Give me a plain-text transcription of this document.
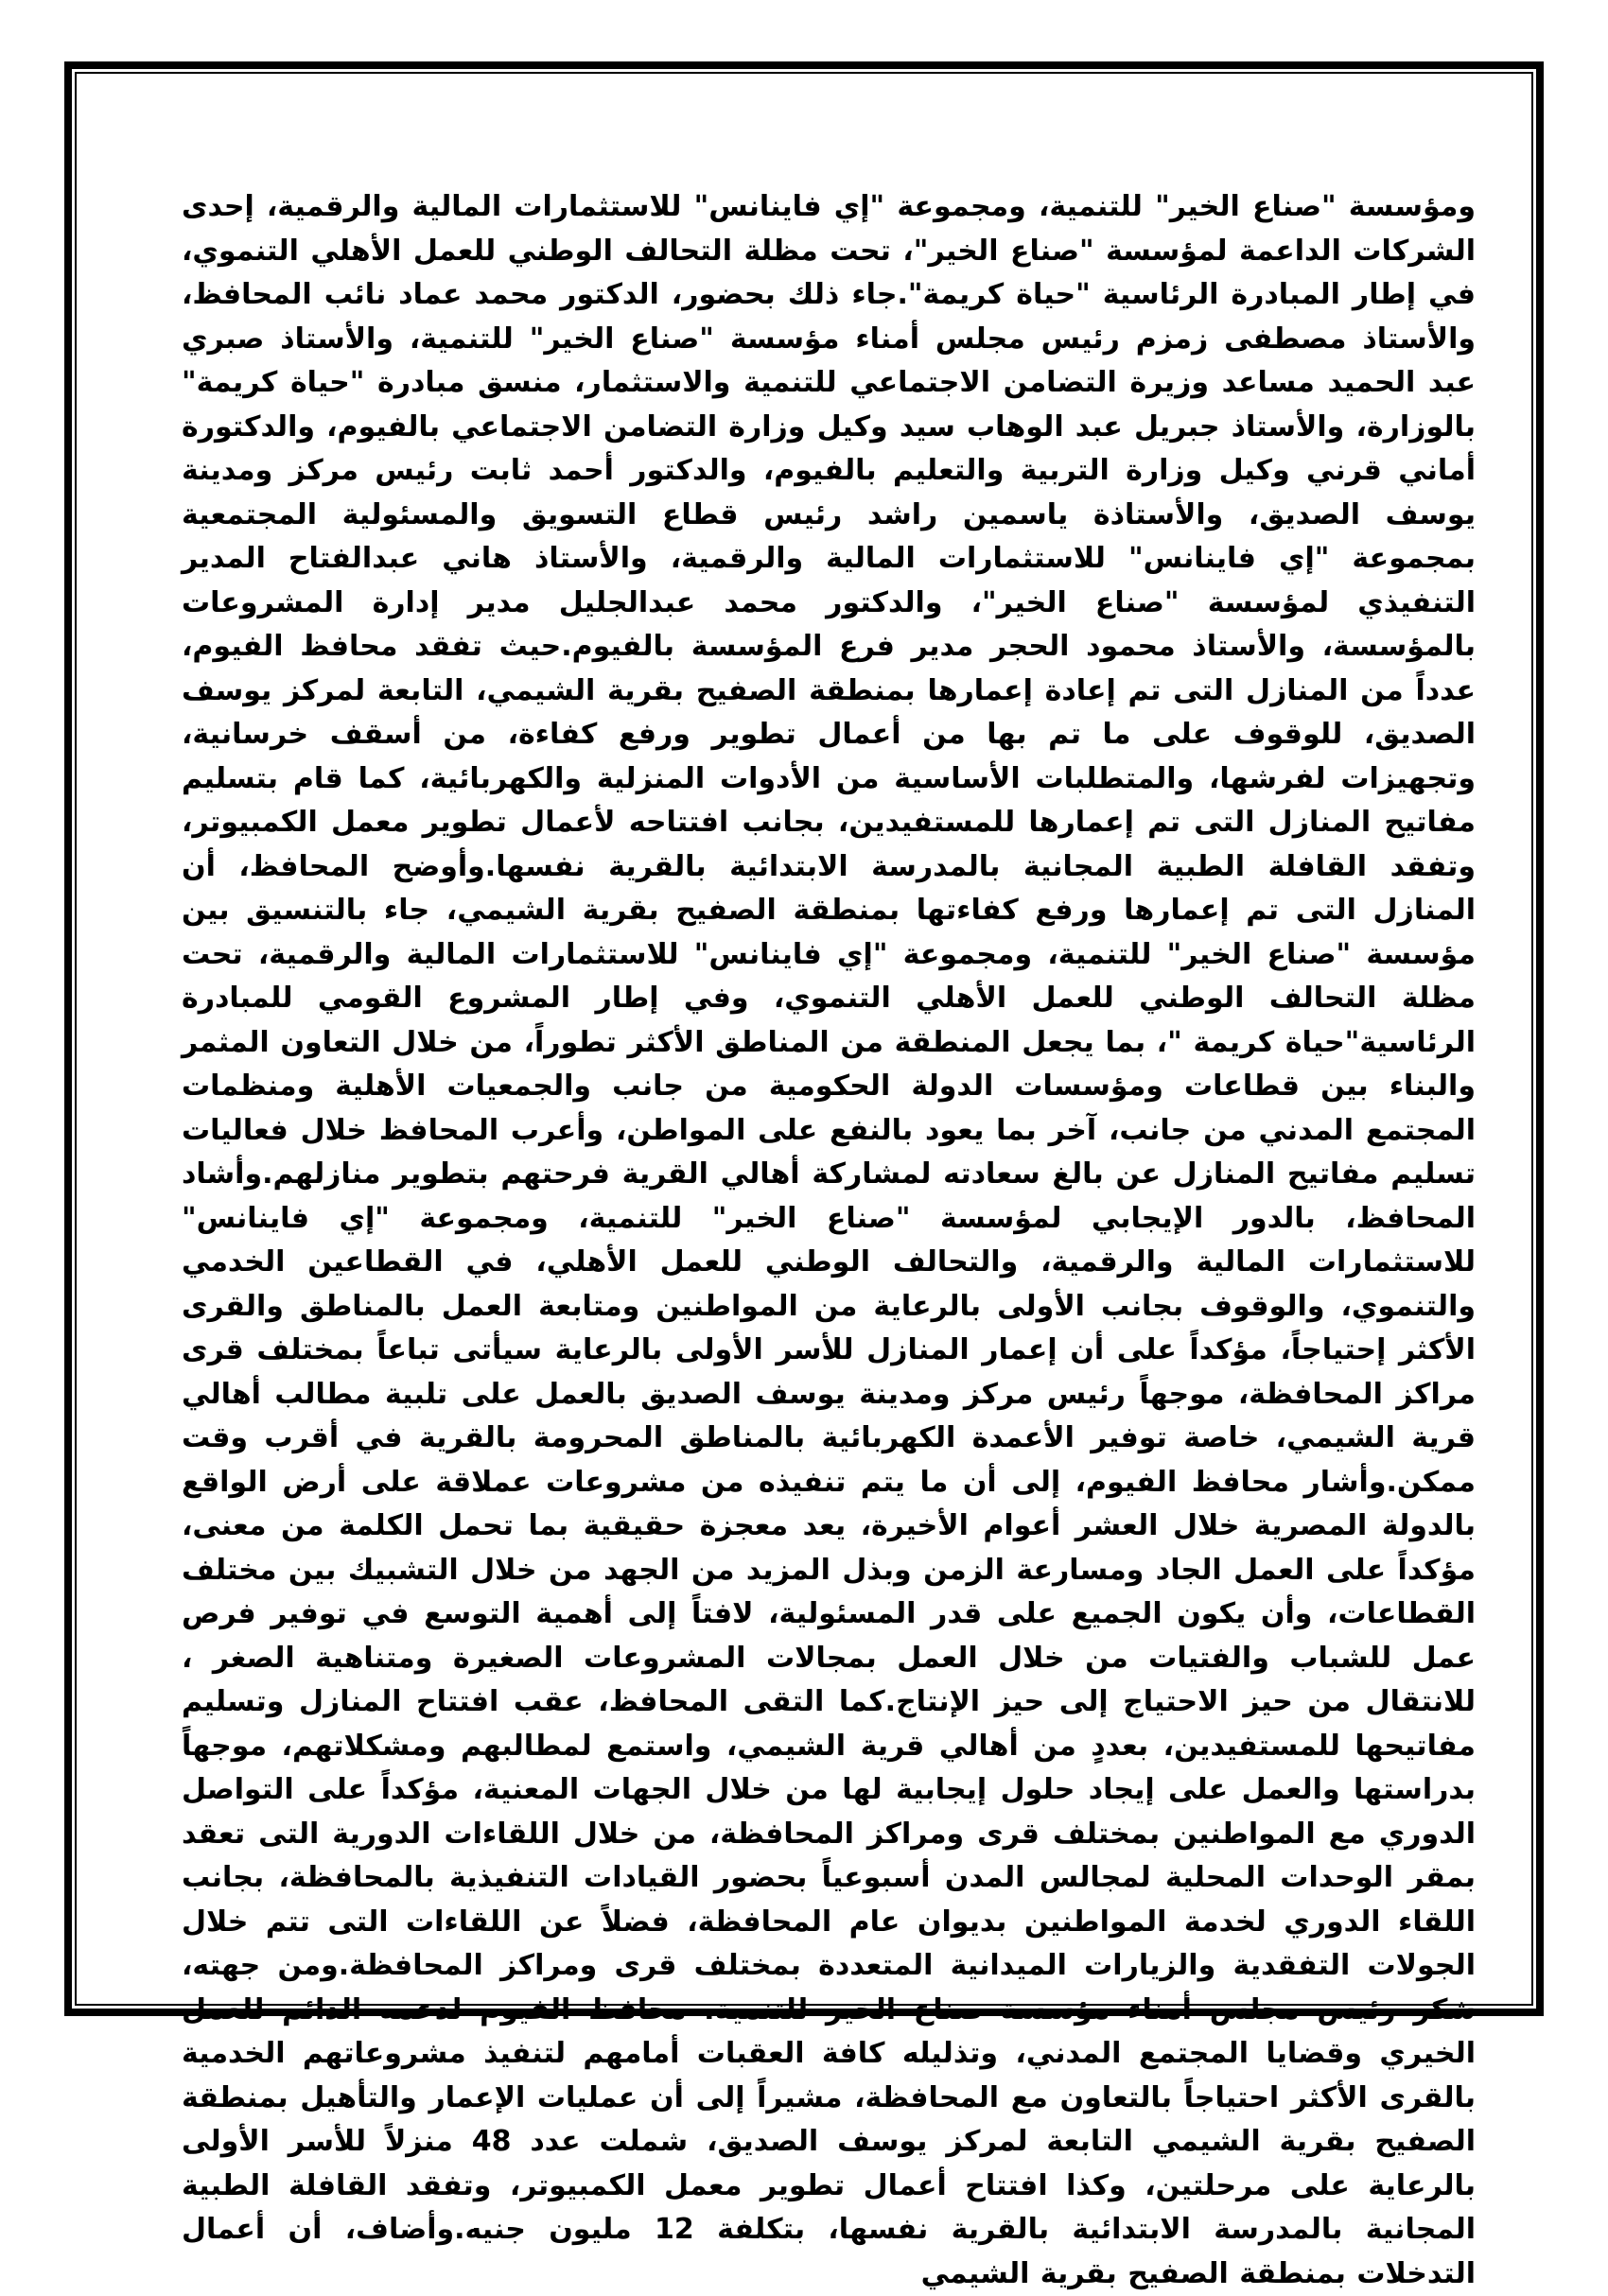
ومؤسسة "صناع الخير" للتنمية، ومجموعة "إي فاينانس" للاستثمارات المالية والرقمية، إحدى الشركات الداعمة لمؤسسة "صناع الخير"، تحت مظلة التحالف الوطني للعمل الأهلي التنموي، في إطار المبادرة الرئاسية "حياة كريمة".جاء ذلك بحضور، الدكتور محمد عماد نائب المحافظ، والأستاذ مصطفى زمزم رئيس مجلس أمناء مؤسسة "صناع الخير" للتنمية، والأستاذ صبري عبد الحميد مساعد وزيرة التضامن الاجتماعي للتنمية والاستثمار، منسق مبادرة "حياة كريمة" بالوزارة، والأستاذ جبريل عبد الوهاب سيد وكيل وزارة التضامن الاجتماعي بالفيوم، والدكتورة أماني قرني وكيل وزارة التربية والتعليم بالفيوم، والدكتور أحمد ثابت رئيس مركز ومدينة يوسف الصديق، والأستاذة ياسمين راشد رئيس قطاع التسويق والمسئولية المجتمعية بمجموعة "إي فاينانس" للاستثمارات المالية والرقمية، والأستاذ هاني عبدالفتاح المدير التنفيذي لمؤسسة "صناع الخير"، والدكتور محمد عبدالجليل مدير إدارة المشروعات بالمؤسسة، والأستاذ محمود الحجر مدير فرع المؤسسة بالفيوم.حيث تفقد محافظ الفيوم، عدداً من المنازل التى تم إعادة إعمارها بمنطقة الصفيح بقرية الشيمي، التابعة لمركز يوسف الصديق، للوقوف على ما تم بها من أعمال تطوير ورفع كفاءة، من أسقف خرسانية، وتجهيزات لفرشها، والمتطلبات الأساسية من الأدوات المنزلية والكهربائية، كما قام بتسليم مفاتيح المنازل التى تم إعمارها للمستفيدين، بجانب افتتاحه لأعمال تطوير معمل الكمبيوتر، وتفقد القافلة الطبية المجانية بالمدرسة الابتدائية بالقرية نفسها.وأوضح المحافظ، أن المنازل التى تم إعمارها ورفع كفاءتها بمنطقة الصفيح بقرية الشيمي، جاء بالتنسيق بين مؤسسة "صناع الخير" للتنمية، ومجموعة "إي فاينانس" للاستثمارات المالية والرقمية، تحت مظلة التحالف الوطني للعمل الأهلي التنموي، وفي إطار المشروع القومي للمبادرة الرئاسية"حياة كريمة "، بما يجعل المنطقة من المناطق الأكثر تطوراً، من خلال التعاون المثمر والبناء بين قطاعات ومؤسسات الدولة الحكومية من جانب والجمعيات الأهلية ومنظمات المجتمع المدني من جانب، آخر بما يعود بالنفع على المواطن، وأعرب المحافظ خلال فعاليات تسليم مفاتيح المنازل عن بالغ سعادته لمشاركة أهالي القرية فرحتهم بتطوير منازلهم.وأشاد المحافظ، بالدور الإيجابي لمؤسسة "صناع الخير" للتنمية، ومجموعة "إي فاينانس" للاستثمارات المالية والرقمية، والتحالف الوطني للعمل الأهلي، في القطاعين الخدمي والتنموي، والوقوف بجانب الأولى بالرعاية من المواطنين ومتابعة العمل بالمناطق والقرى الأكثر إحتياجاً، مؤكداً على أن إعمار المنازل للأسر الأولى بالرعاية سيأتى تباعاً بمختلف قرى مراكز المحافظة، موجهاً رئيس مركز ومدينة يوسف الصديق بالعمل على تلبية مطالب أهالي قرية الشيمي، خاصة توفير الأعمدة الكهربائية بالمناطق المحرومة بالقرية في أقرب وقت ممكن.وأشار محافظ الفيوم، إلى أن ما يتم تنفيذه من مشروعات عملاقة على أرض الواقع بالدولة المصرية خلال العشر أعوام الأخيرة، يعد معجزة حقيقية بما تحمل الكلمة من معنى، مؤكداً على العمل الجاد ومسارعة الزمن وبذل المزيد من الجهد من خلال التشبيك بين مختلف القطاعات، وأن يكون الجميع على قدر المسئولية، لافتاً إلى أهمية التوسع في توفير فرص عمل للشباب والفتيات من خلال العمل بمجالات المشروعات الصغيرة ومتناهية الصغر ، للانتقال من حيز الاحتياج إلى حيز الإنتاج.كما التقى المحافظ، عقب افتتاح المنازل وتسليم مفاتيحها للمستفيدين، بعددٍ من أهالي قرية الشيمي، واستمع لمطالبهم ومشكلاتهم، موجهاً بدراستها والعمل على إيجاد حلول إيجابية لها من خلال الجهات المعنية، مؤكداً على التواصل الدوري مع المواطنين بمختلف قرى ومراكز المحافظة، من خلال اللقاءات الدورية التى تعقد بمقر الوحدات المحلية لمجالس المدن أسبوعياً بحضور القيادات التنفيذية بالمحافظة، بجانب اللقاء الدوري لخدمة المواطنين بديوان عام المحافظة، فضلاً عن اللقاءات التى تتم خلال الجولات التفقدية والزيارات الميدانية المتعددة بمختلف قرى ومراكز المحافظة.ومن جهته، شكر رئيس مجلس أمناء مؤسسة صناع الخير للتنمية، محافظ الفيوم لدعمه الدائم للعمل الخيري وقضايا المجتمع المدني، وتذليله كافة العقبات أمامهم لتنفيذ مشروعاتهم الخدمية بالقرى الأكثر احتياجاً بالتعاون مع المحافظة، مشيراً إلى أن عمليات الإعمار والتأهيل بمنطقة الصفيح بقرية الشيمي التابعة لمركز يوسف الصديق، شملت عدد 48 منزلاً للأسر الأولى بالرعاية على مرحلتين، وكذا افتتاح أعمال تطوير معمل الكمبيوتر، وتفقد القافلة الطبية المجانية بالمدرسة الابتدائية بالقرية نفسها، بتكلفة 12 مليون جنيه.وأضاف، أن أعمال التدخلات بمنطقة الصفيح بقرية الشيمي
